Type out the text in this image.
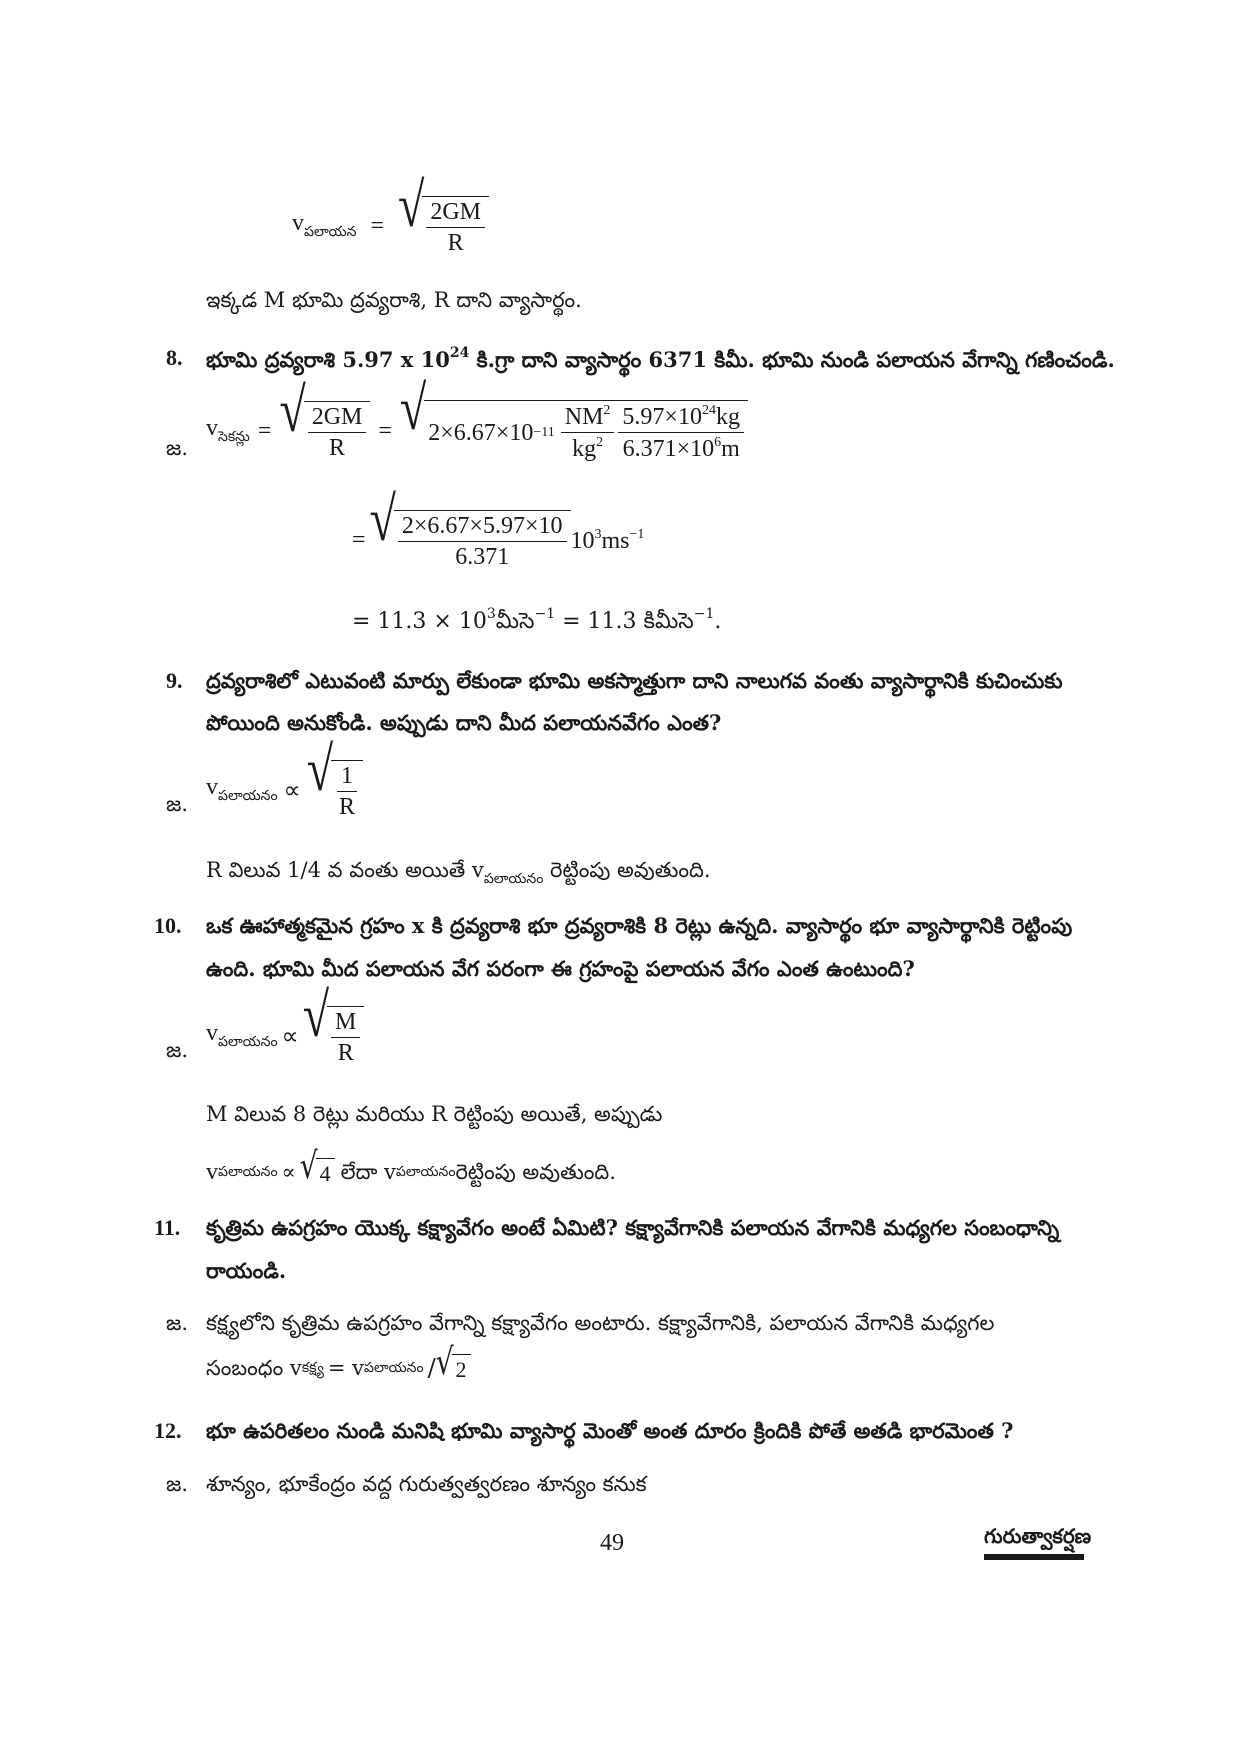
$v_{పలాయన}$ = √ $\frac{2GM}{R}$
ఇక్కడ M భూమి ద్రవ్యరాశి, R దాని వ్యాసార్థం.
8. భూమి ద్రవ్యరాశి 5.97 x $10^{24}$ కి.గ్రా దాని వ్యాసార్థం 6371 కిమీ. భూమి నుండి పలాయన వేగాన్ని గణించండి.
జ.
$v_{సెకన్లు}$ = √ $\frac{2GM}{R}$ = √ $2\times 6.67\times 10 -11 \frac{NM^2}{kg^2} \frac{5.97\times 10^{24}kg}{6.371\times 10^6m}$
= √ $\frac{2\times 6.67\times 5.97\times 10}{6.371} 10^3ms^{-1}$
= $11.3 \times 10^3మీసె^{-1} = 11.3$ కిమీసె$^{-1}$.
9. ద్రవ్యరాశిలో ఎటువంటి మార్పు లేకుండా భూమి అకస్మాత్తుగా దాని నాలుగవ వంతు వ్యాసార్థానికి కుచించుకు
పోయింది అనుకోండి. అప్పుడు దాని మీద పలాయనవేగం ఎంత?
జ.
$v_{పలాయనం}$ ∝ √ $\frac{1}{R}$
R విలువ 1/4 వ వంతు అయితే $v_{పలాయనం}$ రెట్టింపు అవుతుంది.
10. ఒక ఊహాత్మకమైన గ్రహం x కి ద్రవ్యరాశి భూ ద్రవ్యరాశికి 8 రెట్లు ఉన్నది. వ్యాసార్థం భూ వ్యాసార్థానికి రెట్టింపు
ఉంది. భూమి మీద పలాయన వేగ పరంగా ఈ గ్రహంపై పలాయన వేగం ఎంత ఉంటుంది?
జ.
$v_{పలాయనం}$ ∝ √ $\frac{M}{R}$
M విలువ 8 రెట్లు మరియు R రెట్టింపు అయితే, అప్పుడు
v పలాయనం ∝ √ 4 లేదా v పలాయనం రెట్టింపు అవుతుంది.
11. కృత్రిమ ఉపగ్రహం యొక్క కక్ష్యావేగం అంటే ఏమిటి? కక్ష్యావేగానికి పలాయన వేగానికి మధ్యగల సంబంధాన్ని
రాయండి.
జ. కక్ష్యలోని కృత్రిమ ఉపగ్రహం వేగాన్ని కక్ష్యావేగం అంటారు. కక్ష్యావేగానికి, పలాయన వేగానికి మధ్యగల
సంబంధం v కక్ష్య = v పలాయనం / √ 2
12. భూ ఉపరితలం నుండి మనిషి భూమి వ్యాసార్థ మెంతో అంత దూరం క్రిందికి పోతే అతడి భారమెంత ?
జ. శూన్యం, భూకేంద్రం వద్ద గురుత్వత్వరణం శూన్యం కనుక
49	గురుత్వాకర్షణ
